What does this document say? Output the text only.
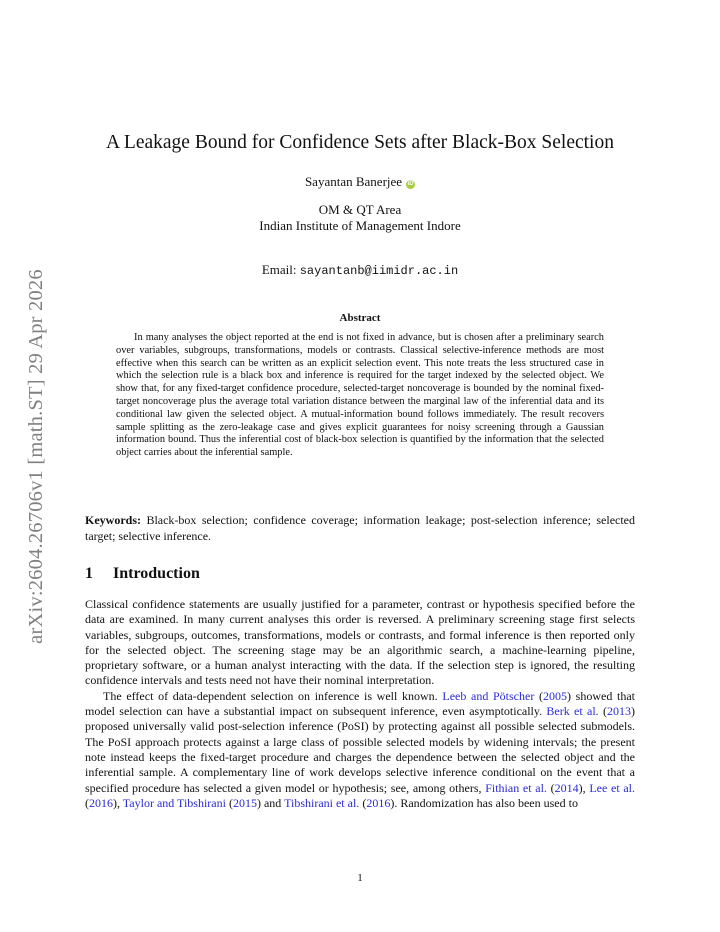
arXiv:2604.26706v1 [math.ST] 29 Apr 2026
A Leakage Bound for Confidence Sets after Black-Box Selection
Sayantan Banerjee iD
OM & QT Area
Indian Institute of Management Indore
Email: sayantanb@iimidr.ac.in
Abstract
In many analyses the object reported at the end is not fixed in advance, but is chosen after a preliminary search over variables, subgroups, transformations, models or contrasts. Classical selective-inference methods are most effective when this search can be written as an explicit selection event. This note treats the less structured case in which the selection rule is a black box and inference is required for the target indexed by the selected object. We show that, for any fixed-target confidence procedure, selected-target noncoverage is bounded by the nominal fixed-target noncoverage plus the average total variation distance between the marginal law of the inferential data and its conditional law given the selected object. A mutual-information bound follows immediately. The result recovers sample splitting as the zero-leakage case and gives explicit guarantees for noisy screening through a Gaussian information bound. Thus the inferential cost of black-box selection is quantified by the information that the selected object carries about the inferential sample.
Keywords: Black-box selection; confidence coverage; information leakage; post-selection inference; selected target; selective inference.
1 Introduction

Classical confidence statements are usually justified for a parameter, contrast or hypothesis specified before the data are examined. In many current analyses this order is reversed. A preliminary screening stage first selects variables, subgroups, outcomes, transformations, models or contrasts, and formal inference is then reported only for the selected object. The screening stage may be an algorithmic search, a machine-learning pipeline, proprietary software, or a human analyst interacting with the data. If the selection step is ignored, the resulting confidence intervals and tests need not have their nominal interpretation.

The effect of data-dependent selection on inference is well known. Leeb and Pötscher (2005) showed that model selection can have a substantial impact on subsequent inference, even asymptotically. Berk et al. (2013) proposed universally valid post-selection inference (PoSI) by protecting against all possible selected submodels. The PoSI approach protects against a large class of possible selected models by widening intervals; the present note instead keeps the fixed-target procedure and charges the dependence between the selected object and the inferential sample. A complementary line of work develops selective inference conditional on the event that a specified procedure has selected a given model or hypothesis; see, among others, Fithian et al. (2014), Lee et al. (2016), Taylor and Tibshirani (2015) and Tibshirani et al. (2016). Randomization has also been used to

1
